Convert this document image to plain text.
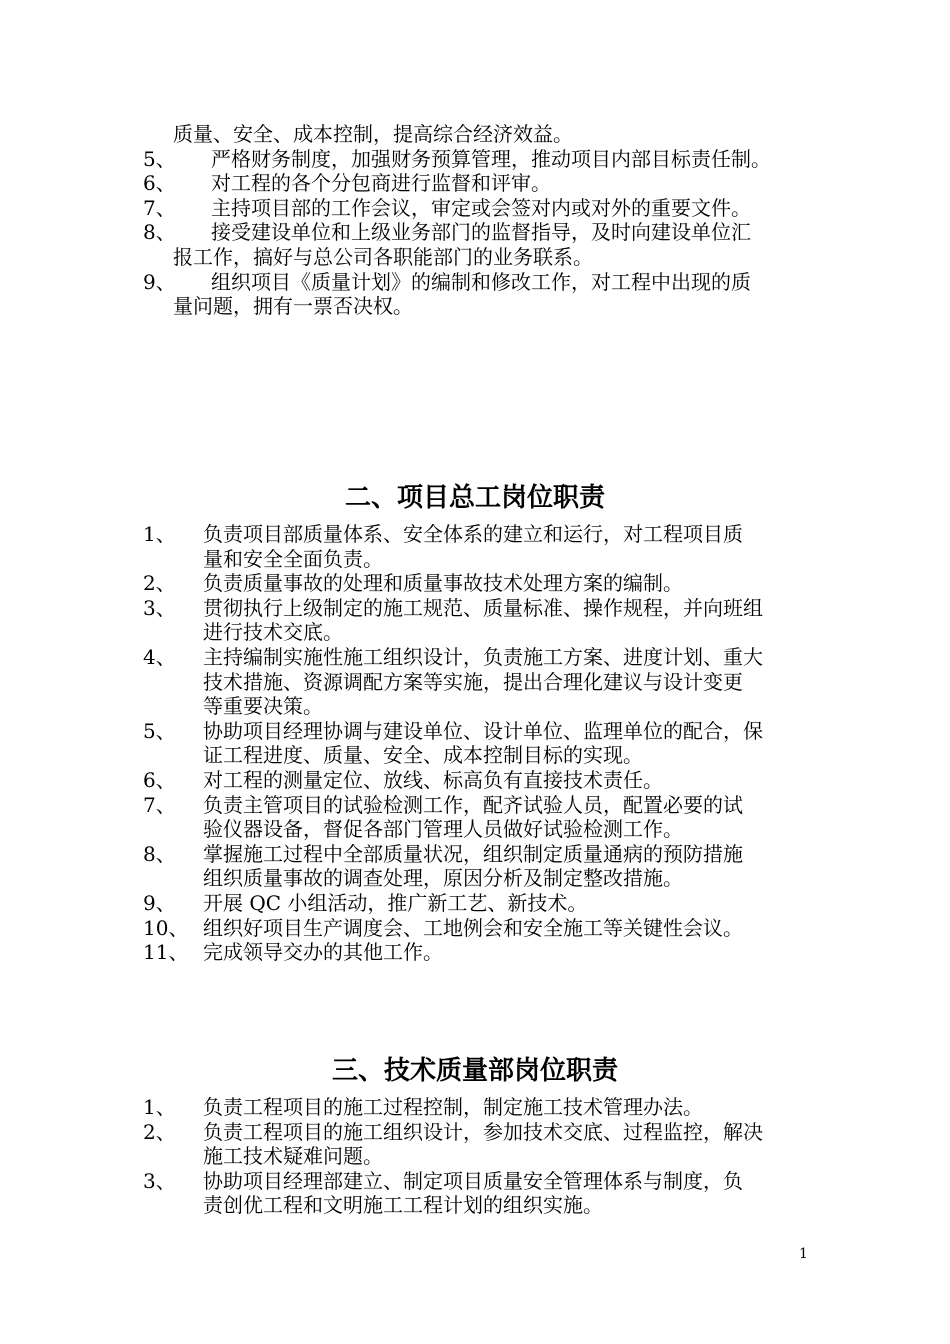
质量、安全、成本控制，提高综合经济效益。
5、 严格财务制度，加强财务预算管理，推动项目内部目标责任制。
6、 对工程的各个分包商进行监督和评审。
7、 主持项目部的工作会议，审定或会签对内或对外的重要文件。
8、 接受建设单位和上级业务部门的监督指导，及时向建设单位汇
报工作，搞好与总公司各职能部门的业务联系。
9、 组织项目《质量计划》的编制和修改工作，对工程中出现的质
量问题，拥有一票否决权。
二、项目总工岗位职责
1、 负责项目部质量体系、安全体系的建立和运行，对工程项目质
量和安全全面负责。
2、 负责质量事故的处理和质量事故技术处理方案的编制。
3、 贯彻执行上级制定的施工规范、质量标准、操作规程，并向班组
进行技术交底。
4、 主持编制实施性施工组织设计，负责施工方案、进度计划、重大
技术措施、资源调配方案等实施，提出合理化建议与设计变更
等重要决策。
5、 协助项目经理协调与建设单位、设计单位、监理单位的配合，保
证工程进度、质量、安全、成本控制目标的实现。
6、 对工程的测量定位、放线、标高负有直接技术责任。
7、 负责主管项目的试验检测工作，配齐试验人员，配置必要的试
验仪器设备，督促各部门管理人员做好试验检测工作。
8、 掌握施工过程中全部质量状况，组织制定质量通病的预防措施
组织质量事故的调查处理，原因分析及制定整改措施。
9、 开展 QC 小组活动，推广新工艺、新技术。
10、 组织好项目生产调度会、工地例会和安全施工等关键性会议。
11、 完成领导交办的其他工作。
三、技术质量部岗位职责
1、 负责工程项目的施工过程控制，制定施工技术管理办法。
2、 负责工程项目的施工组织设计，参加技术交底、过程监控，解决
施工技术疑难问题。
3、 协助项目经理部建立、制定项目质量安全管理体系与制度，负
责创优工程和文明施工工程计划的组织实施。
1
